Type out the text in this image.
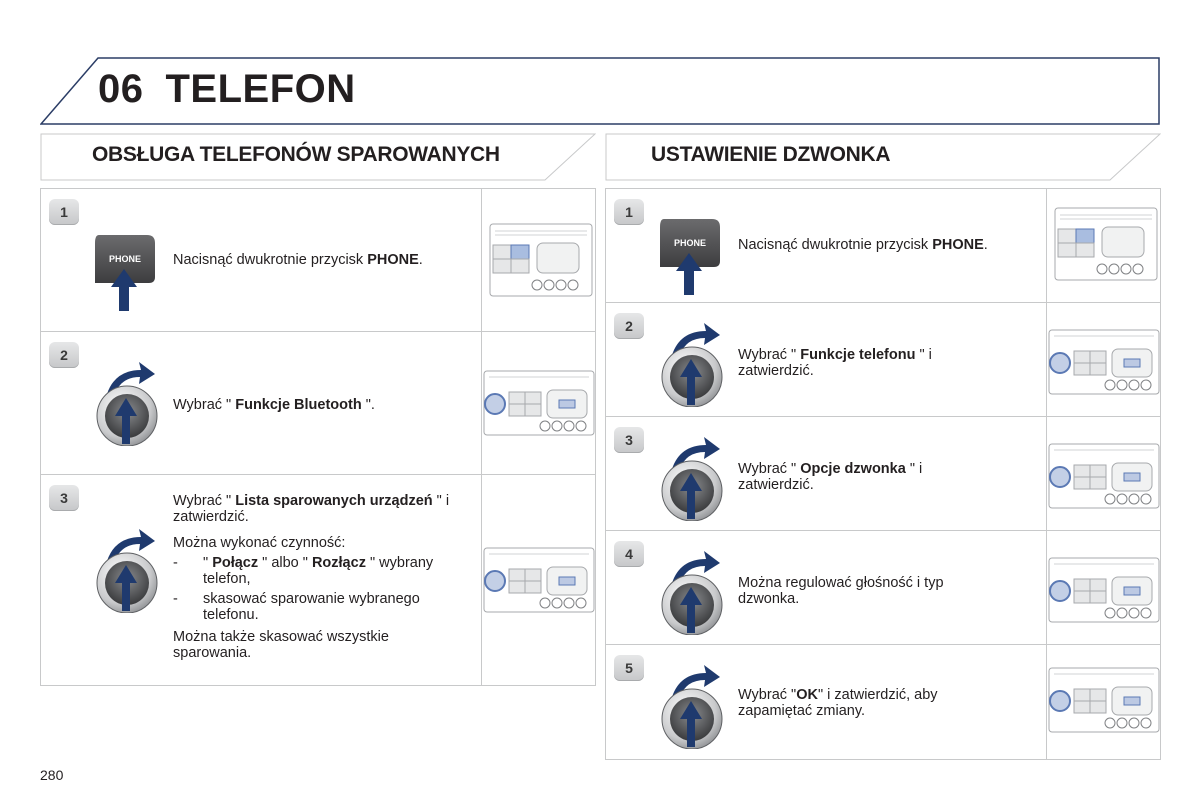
06 TELEFON
OBSŁUGA TELEFONÓW SPAROWANYCH	USTAWIENIE DZWONKA
1
PHONE Nacisnąć dwukrotnie przycisk PHONE.
2
Wybrać " Funkcje Bluetooth ".
3	Wybrać " Lista sparowanych urządzeń " i zatwierdzić.

Można wykonać czynność:

- " Połącz " albo " Rozłącz " wybrany telefon,
- skasować sparowanie wybranego telefonu.

Można także skasować wszystkie sparowania.

1
PHONE Nacisnąć dwukrotnie przycisk PHONE.
2
Wybrać " Funkcje telefonu " i zatwierdzić.
3
Wybrać " Opcje dzwonka " i zatwierdzić.
4
Można regulować głośność i typ dzwonka.
5
Wybrać "OK" i zatwierdzić, aby zapamiętać zmiany.
280
